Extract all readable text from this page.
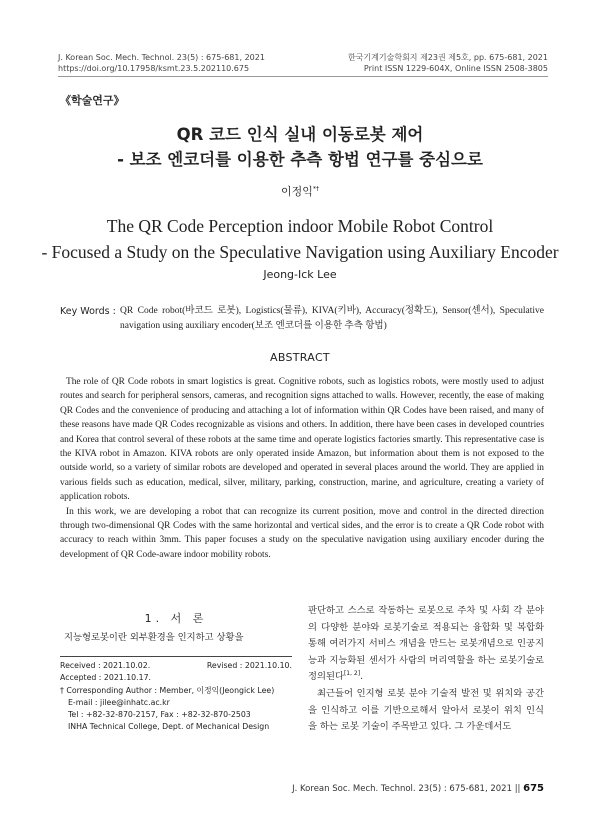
J. Korean Soc. Mech. Technol. 23(5) : 675-681, 2021
https://doi.org/10.17958/ksmt.23.5.202110.675
한국기계기술학회지 제23권 제5호, pp. 675-681, 2021
Print ISSN 1229-604X, Online ISSN 2508-3805
《학술연구》
QR 코드 인식 실내 이동로봇 제어
- 보조 엔코더를 이용한 추측 항법 연구를 중심으로
이정익*†
The QR Code Perception indoor Mobile Robot Control
- Focused a Study on the Speculative Navigation using Auxiliary Encoder
Jeong-Ick Lee
Key Words : QR Code robot(바코드 로봇), Logistics(물류), KIVA(키바), Accuracy(정확도), Sensor(센서), Speculative navigation using auxiliary encoder(보조 엔코더를 이용한 추측 항법)
ABSTRACT

The role of QR Code robots in smart logistics is great. Cognitive robots, such as logistics robots, were mostly used to adjust routes and search for peripheral sensors, cameras, and recognition signs attached to walls. However, recently, the ease of making QR Codes and the convenience of producing and attaching a lot of information within QR Codes have been raised, and many of these reasons have made QR Codes recognizable as visions and others. In addition, there have been cases in developed countries and Korea that control several of these robots at the same time and operate logistics factories smartly. This representative case is the KIVA robot in Amazon. KIVA robots are only operated inside Amazon, but information about them is not exposed to the outside world, so a variety of similar robots are developed and operated in several places around the world. They are applied in various fields such as education, medical, silver, military, parking, construction, marine, and agriculture, creating a variety of application robots.

In this work, we are developing a robot that can recognize its current position, move and control in the directed direction through two-dimensional QR Codes with the same horizontal and vertical sides, and the error is to create a QR Code robot with accuracy to reach within 3mm. This paper focuses a study on the speculative navigation using auxiliary encoder during the development of QR Code-aware indoor mobility robots.

1. 서 론
지능형로봇이란 외부환경을 인지하고 상황을
Received : 2021.10.02.	Revised : 2021.10.10.
Accepted : 2021.10.17.
† Corresponding Author : Member, 이정익(Jeongick Lee)
E-mail : jilee@inhatc.ac.kr
Tel : +82-32-870-2157, Fax : +82-32-870-2503
INHA Technical College, Dept. of Mechanical Design

판단하고 스스로 작동하는 로봇으로 주차 및 사회 각 분야의 다양한 분야와 로봇기술로 적용되는 융합화 및 복합화 통해 여러가지 서비스 개념을 만드는 로봇개념으로 인공지능과 지능화된 센서가 사람의 머리역할을 하는 로봇기술로 정의된다[1, 2].

최근들어 인지형 로봇 분야 기술적 발전 및 위치와 공간을 인식하고 이를 기반으로해서 알아서 로봇이 위치 인식을 하는 로봇 기술이 주목받고 있다. 그 가운데서도

J. Korean Soc. Mech. Technol. 23(5) : 675-681, 2021 || 675
